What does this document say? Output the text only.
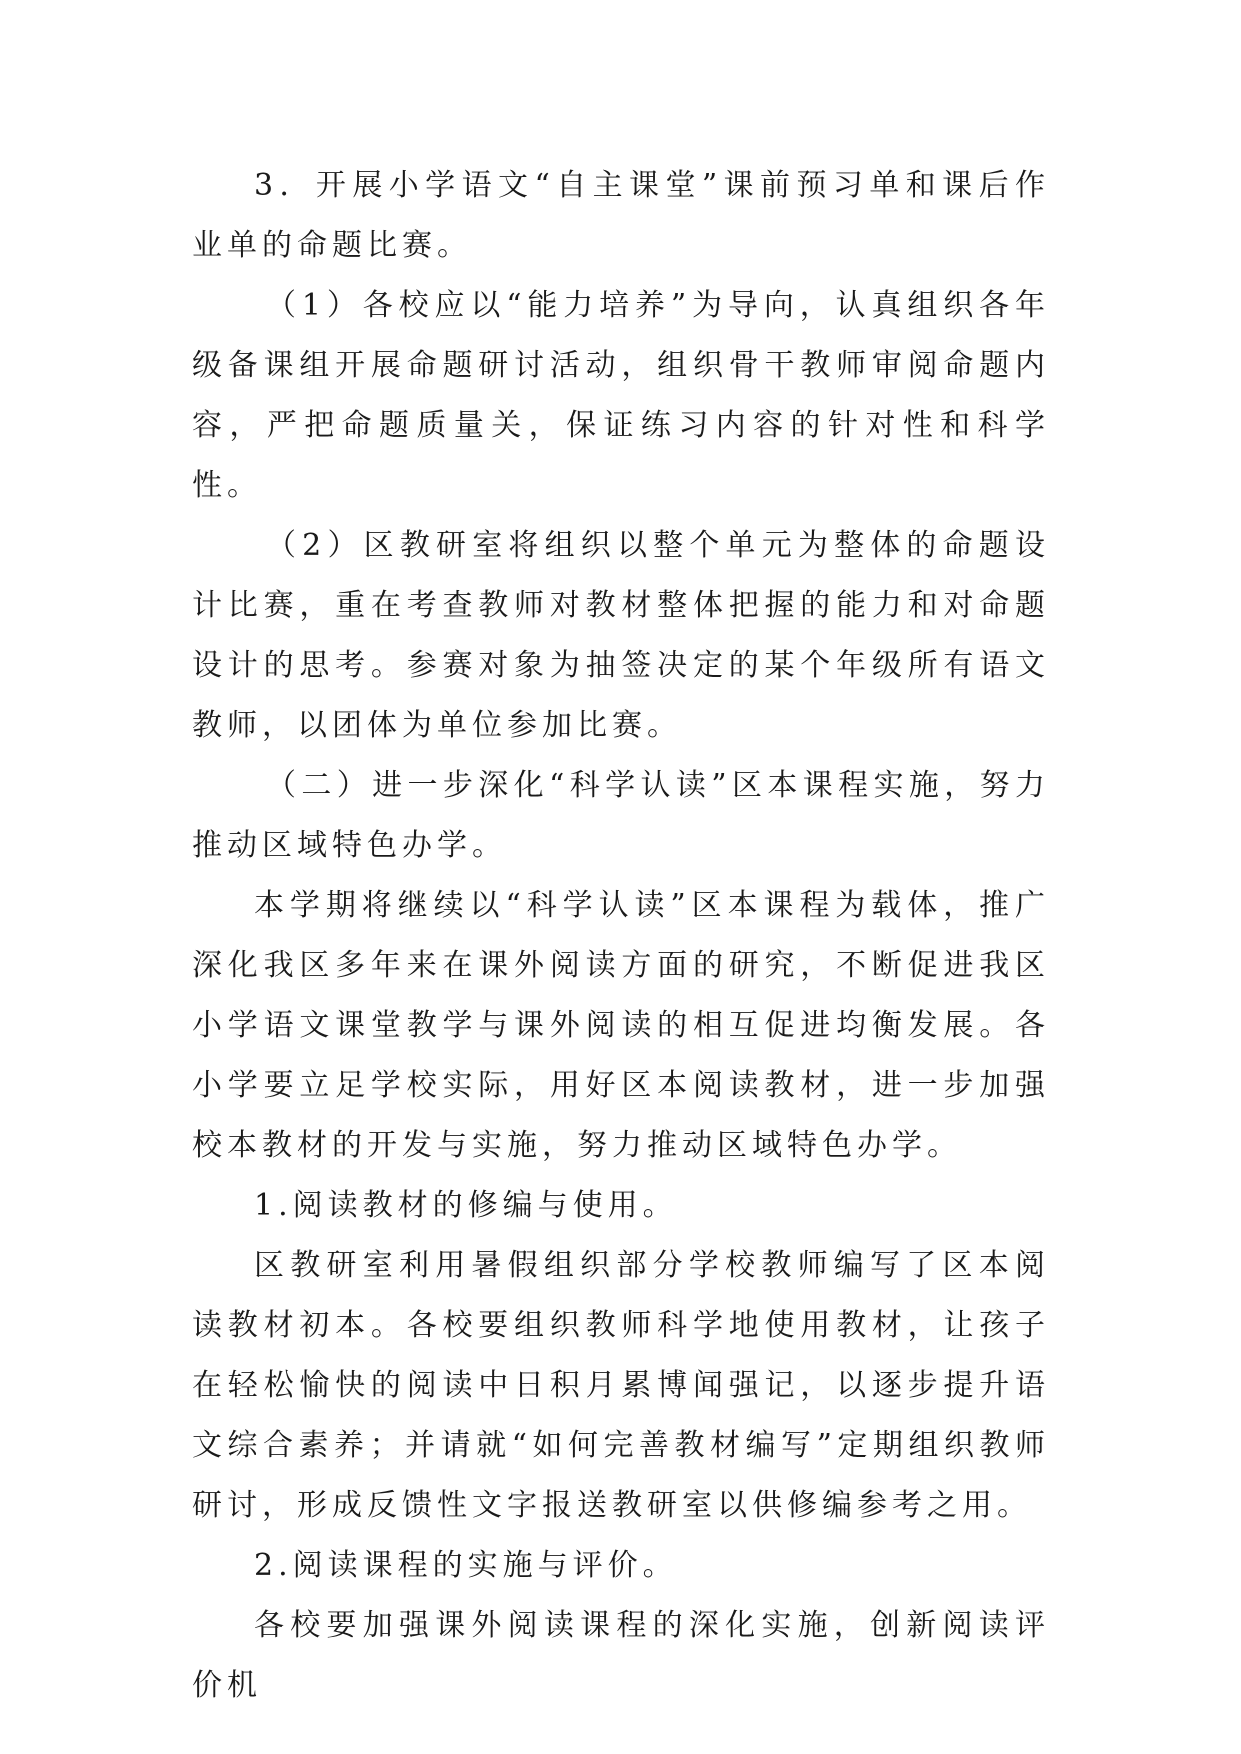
3．开展小学语文“自主课堂”课前预习单和课后作业单的命题比赛。

（1）各校应以“能力培养”为导向，认真组织各年级备课组开展命题研讨活动，组织骨干教师审阅命题内容，严把命题质量关，保证练习内容的针对性和科学性。

（2）区教研室将组织以整个单元为整体的命题设计比赛，重在考查教师对教材整体把握的能力和对命题设计的思考。参赛对象为抽签决定的某个年级所有语文教师，以团体为单位参加比赛。

（二）进一步深化“科学认读”区本课程实施，努力推动区域特色办学。

本学期将继续以“科学认读”区本课程为载体，推广深化我区多年来在课外阅读方面的研究，不断促进我区小学语文课堂教学与课外阅读的相互促进均衡发展。各小学要立足学校实际，用好区本阅读教材，进一步加强校本教材的开发与实施，努力推动区域特色办学。

1.阅读教材的修编与使用。

区教研室利用暑假组织部分学校教师编写了区本阅读教材初本。各校要组织教师科学地使用教材，让孩子在轻松愉快的阅读中日积月累博闻强记，以逐步提升语文综合素养；并请就“如何完善教材编写”定期组织教师研讨，形成反馈性文字报送教研室以供修编参考之用。

2.阅读课程的实施与评价。

各校要加强课外阅读课程的深化实施，创新阅读评价机
